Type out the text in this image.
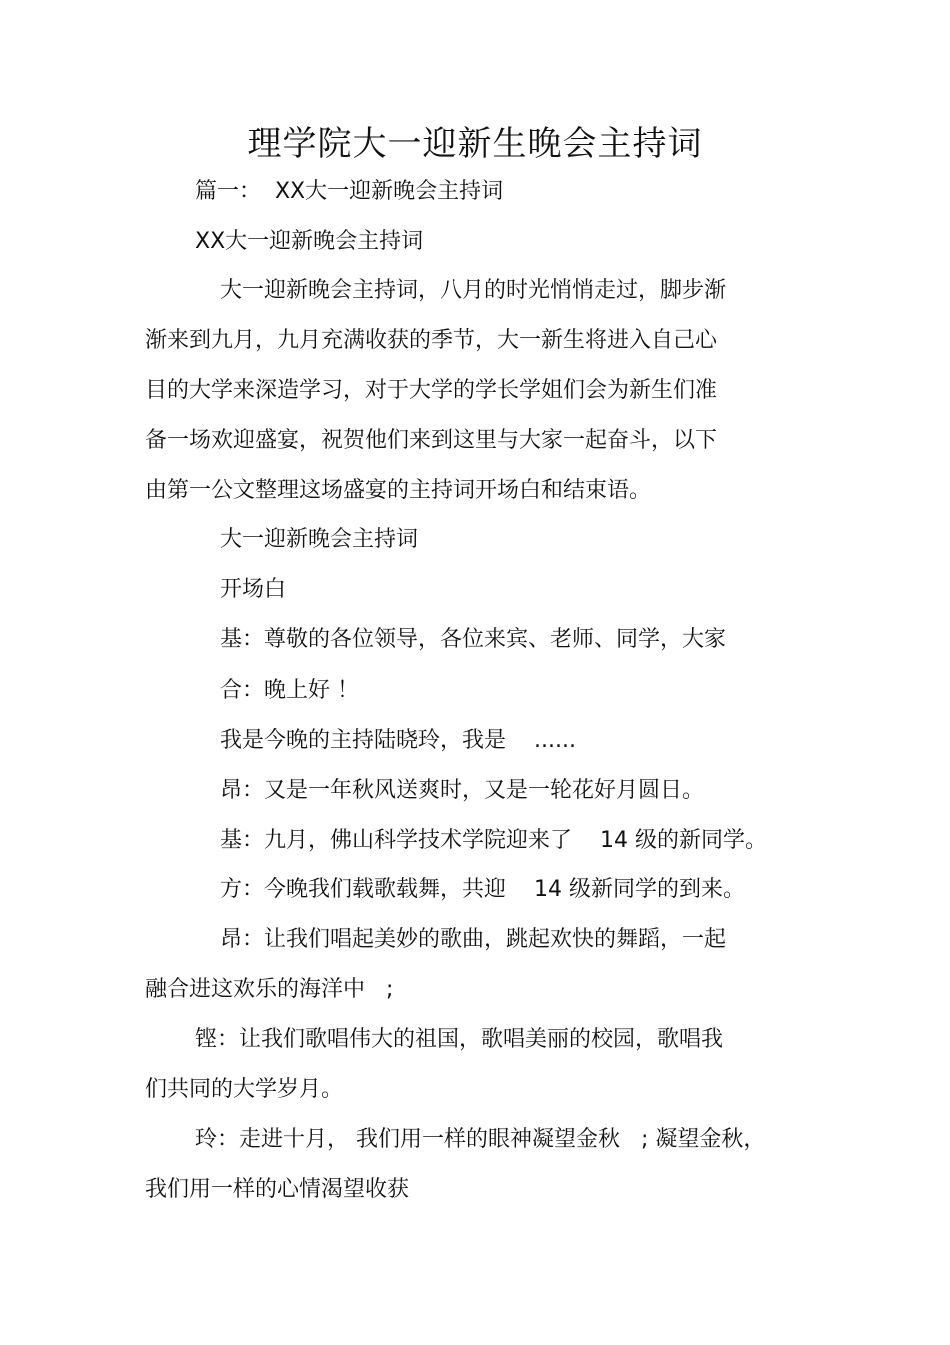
理学院大一迎新生晚会主持词
篇一：  XX大一迎新晚会主持词
XX大一迎新晚会主持词
大一迎新晚会主持词，八月的时光悄悄走过，脚步渐
渐来到九月，九月充满收获的季节，大一新生将进入自己心
目的大学来深造学习，对于大学的学长学姐们会为新生们准
备一场欢迎盛宴，祝贺他们来到这里与大家一起奋斗，以下
由第一公文整理这场盛宴的主持词开场白和结束语。
大一迎新晚会主持词
开场白
基：尊敬的各位领导，各位来宾、老师、同学，大家
合：晚上好 ！
我是今晚的主持陆晓玲，我是    ......
昂：又是一年秋风送爽时，又是一轮花好月圆日。
基：九月，佛山科学技术学院迎来了    14 级的新同学。
方：今晚我们载歌载舞，共迎    14 级新同学的到来。
昂：让我们唱起美妙的歌曲，跳起欢快的舞蹈，一起
融合进这欢乐的海洋中   ;
铿：让我们歌唱伟大的祖国，歌唱美丽的校园，歌唱我
们共同的大学岁月。
玲：走进十月， 我们用一样的眼神凝望金秋   ; 凝望金秋，
我们用一样的心情渴望收获
